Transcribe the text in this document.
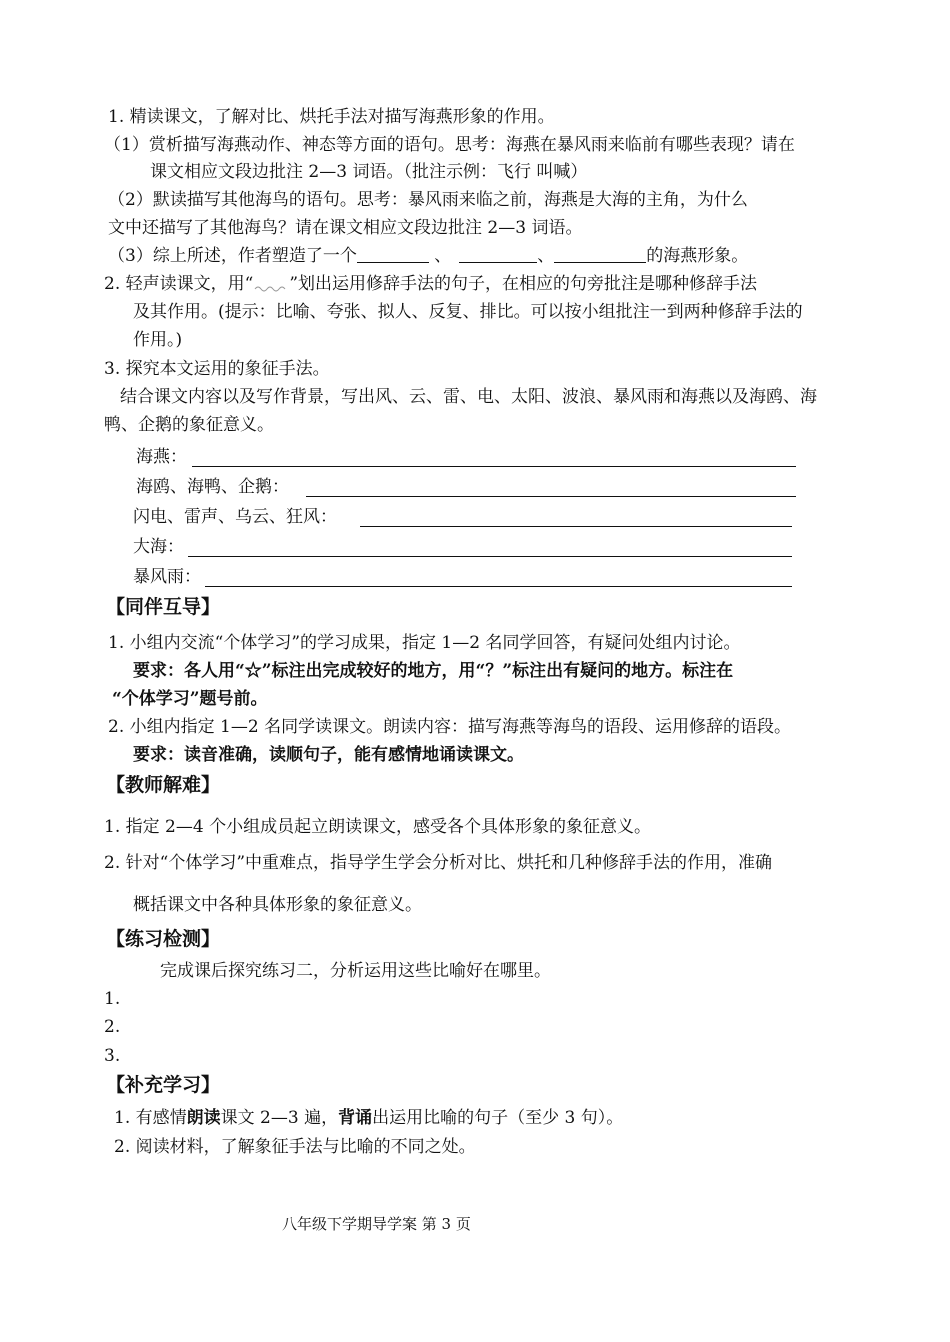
1. 精读课文，了解对比、烘托手法对描写海燕形象的作用。
（1）赏析描写海燕动作、神态等方面的语句。思考：海燕在暴风雨来临前有哪些表现？请在
课文相应文段边批注 2—3 词语。（批注示例：飞行 叫喊）
（2）默读描写其他海鸟的语句。思考：暴风雨来临之前，海燕是大海的主角，为什么
文中还描写了其他海鸟？请在课文相应文段边批注 2—3 词语。
（3）综上所述，作者塑造了一个	、	、	的海燕形象。
2. 轻声读课文，用“ ”划出运用修辞手法的句子，在相应的句旁批注是哪种修辞手法
及其作用。(提示：比喻、夸张、拟人、反复、排比。可以按小组批注一到两种修辞手法的
作用。)
3. 探究本文运用的象征手法。
结合课文内容以及写作背景，写出风、云、雷、电、太阳、波浪、暴风雨和海燕以及海鸥、海
鸭、企鹅的象征意义。
海燕：
海鸥、海鸭、企鹅：
闪电、雷声、乌云、狂风：
大海：
暴风雨：
【同伴互导】
1. 小组内交流“个体学习”的学习成果，指定 1—2 名同学回答，有疑问处组内讨论。
要求：各人用“☆”标注出完成较好的地方，用“？”标注出有疑问的地方。标注在
“个体学习”题号前。
2. 小组内指定 1—2 名同学读课文。朗读内容：描写海燕等海鸟的语段、运用修辞的语段。
要求：读音准确，读顺句子，能有感情地诵读课文。
【教师解难】
1. 指定 2—4 个小组成员起立朗读课文，感受各个具体形象的象征意义。
2. 针对“个体学习”中重难点，指导学生学会分析对比、烘托和几种修辞手法的作用，准确
概括课文中各种具体形象的象征意义。
【练习检测】
完成课后探究练习二，分析运用这些比喻好在哪里。
1.
2.
3.
【补充学习】
1. 有感情朗读课文 2—3 遍，背诵出运用比喻的句子（至少 3 句）。
2. 阅读材料，了解象征手法与比喻的不同之处。
八年级下学期导学案 第 3 页
